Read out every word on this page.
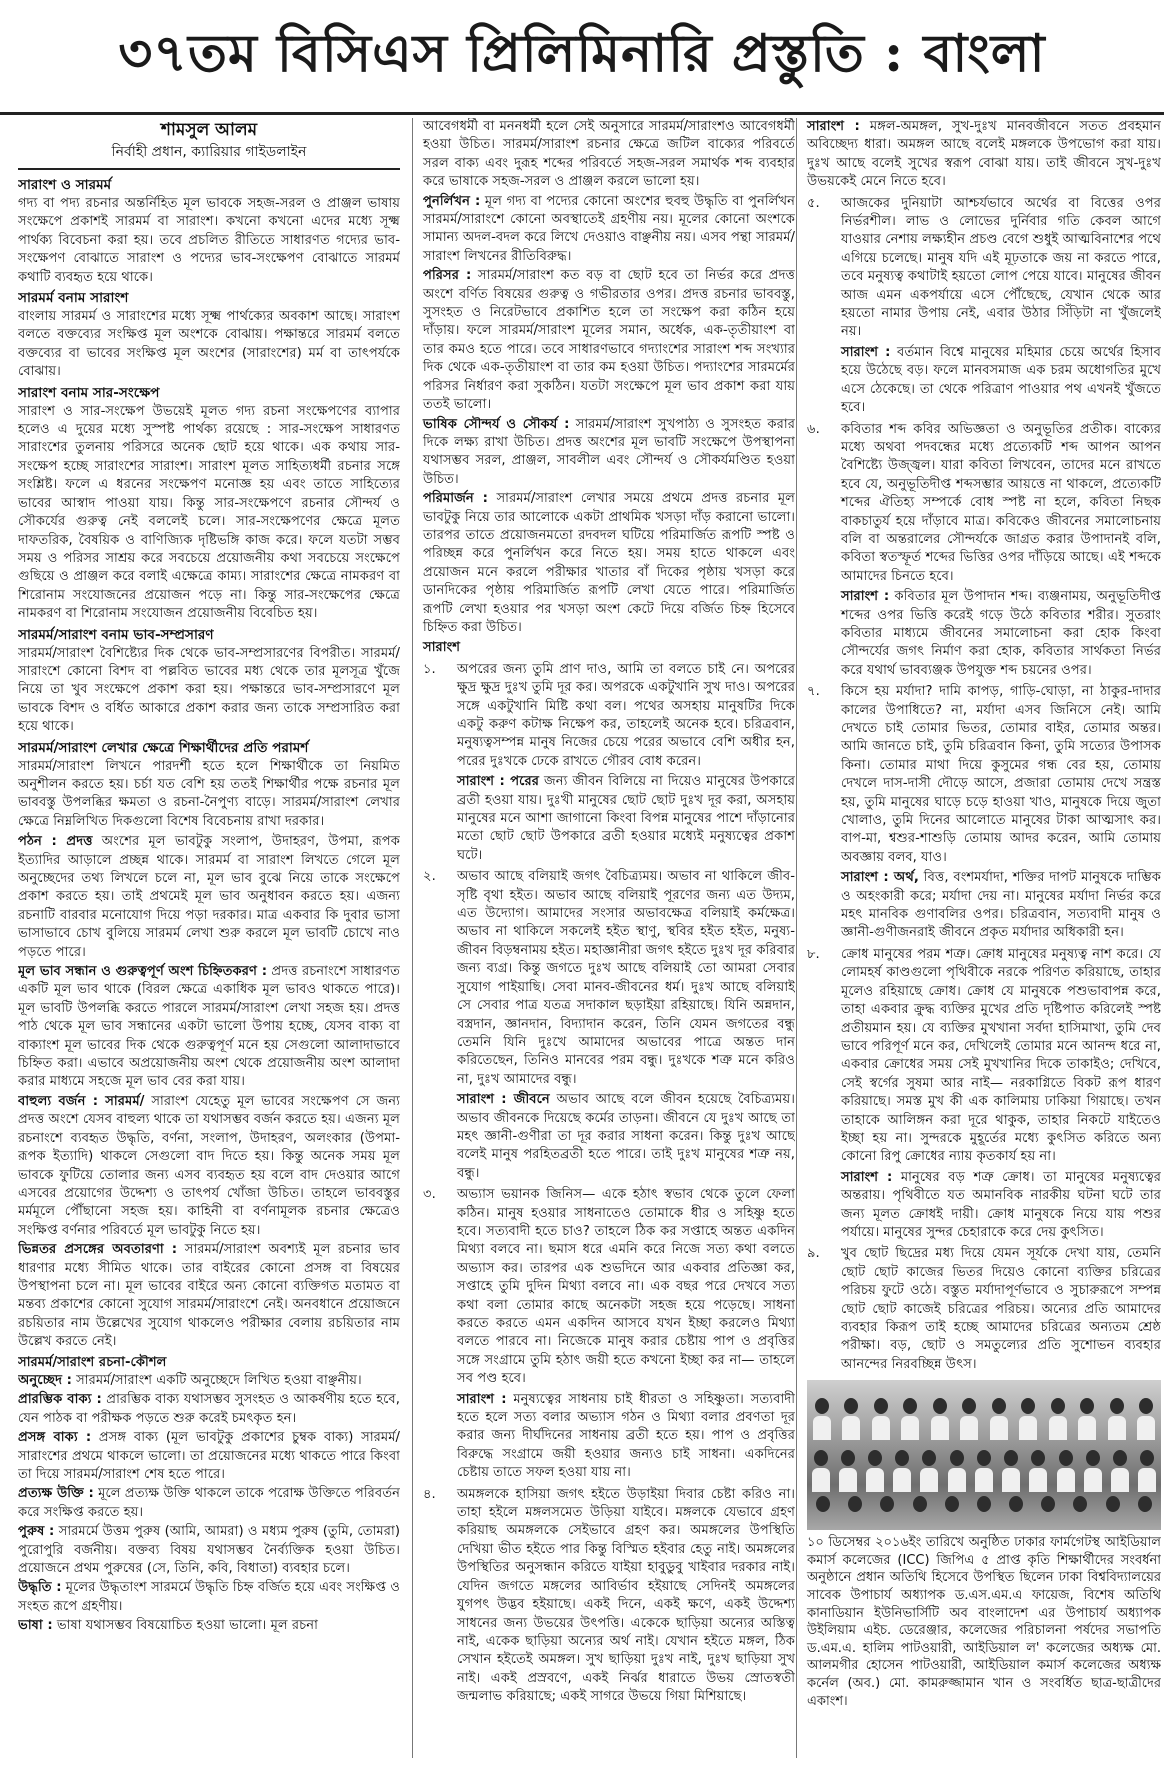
৩৭তম বিসিএস প্রিলিমিনারি প্রস্তুতি : বাংলা
শামসুল আলম
নির্বাহী প্রধান, ক্যারিয়ার গাইডলাইন
সারাংশ ও সারমর্ম

গদ্য বা পদ্য রচনার অন্তর্নিহিত মূল ভাবকে সহজ-সরল ও প্রাঞ্জল ভাষায় সংক্ষেপে প্রকাশই সারমর্ম বা সারাংশ। কখনো কখনো এদের মধ্যে সূক্ষ্ম পার্থক্য বিবেচনা করা হয়। তবে প্রচলিত রীতিতে সাধারণত গদ্যের ভাব-সংক্ষেপণ বোঝাতে সারাংশ ও পদ্যের ভাব-সংক্ষেপণ বোঝাতে সারমর্ম কথাটি ব্যবহৃত হয়ে থাকে।

সারমর্ম বনাম সারাংশ

বাংলায় সারমর্ম ও সারাংশের মধ্যে সূক্ষ্ম পার্থক্যের অবকাশ আছে। সারাংশ বলতে বক্তব্যের সংক্ষিপ্ত মূল অংশকে বোঝায়। পক্ষান্তরে সারমর্ম বলতে বক্তব্যের বা ভাবের সংক্ষিপ্ত মূল অংশের (সারাংশের) মর্ম বা তাৎপর্যকে বোঝায়।

সারাংশ বনাম সার-সংক্ষেপ

সারাংশ ও সার-সংক্ষেপ উভয়েই মূলত গদ্য রচনা সংক্ষেপণের ব্যাপার হলেও এ দুয়ের মধ্যে সুস্পষ্ট পার্থক্য রয়েছে : সার-সংক্ষেপ সাধারণত সারাংশের তুলনায় পরিসরে অনেক ছোট হয়ে থাকে। এক কথায় সার-সংক্ষেপ হচ্ছে সারাংশের সারাংশ। সারাংশ মূলত সাহিত্যধর্মী রচনার সঙ্গে সংশ্লিষ্ট। ফলে এ ধরনের সংক্ষেপণ মনোজ্ঞ হয় এবং তাতে সাহিত্যের ভাবের আস্বাদ পাওয়া যায়। কিন্তু সার-সংক্ষেপণে রচনার সৌন্দর্য ও সৌকর্যের গুরুত্ব নেই বললেই চলে। সার-সংক্ষেপণের ক্ষেত্রে মূলত দাফতরিক, বৈষয়িক ও বাণিজ্যিক দৃষ্টিভঙ্গি কাজ করে। ফলে যতটা সম্ভব সময় ও পরিসর সাশ্রয় করে সবচেয়ে প্রয়োজনীয় কথা সবচেয়ে সংক্ষেপে গুছিয়ে ও প্রাঞ্জল করে বলাই এক্ষেত্রে কাম্য। সারাংশের ক্ষেত্রে নামকরণ বা শিরোনাম সংযোজনের প্রয়োজন পড়ে না। কিন্তু সার-সংক্ষেপের ক্ষেত্রে নামকরণ বা শিরোনাম সংযোজন প্রয়োজনীয় বিবেচিত হয়।

সারমর্ম/সারাংশ বনাম ভাব-সম্প্রসারণ

সারমর্ম/সারাংশ বৈশিষ্ট্যের দিক থেকে ভাব-সম্প্রসারণের বিপরীত। সারমর্ম/সারাংশে কোনো বিশদ বা পল্লবিত ভাবের মধ্য থেকে তার মূলসূত্র খুঁজে নিয়ে তা খুব সংক্ষেপে প্রকাশ করা হয়। পক্ষান্তরে ভাব-সম্প্রসারণে মূল ভাবকে বিশদ ও বর্ধিত আকারে প্রকাশ করার জন্য তাকে সম্প্রসারিত করা হয়ে থাকে।

সারমর্ম/সারাংশ লেখার ক্ষেত্রে শিক্ষার্থীদের প্রতি পরামর্শ

সারমর্ম/সারাংশ লিখনে পারদর্শী হতে হলে শিক্ষার্থীকে তা নিয়মিত অনুশীলন করতে হয়। চর্চা যত বেশি হয় ততই শিক্ষার্থীর পক্ষে রচনার মূল ভাববস্তু উপলব্ধির ক্ষমতা ও রচনা-নৈপুণ্য বাড়ে। সারমর্ম/সারাংশ লেখার ক্ষেত্রে নিম্নলিখিত দিকগুলো বিশেষ বিবেচনায় রাখা দরকার।

পঠন : প্রদত্ত অংশের মূল ভাবটুকু সংলাপ, উদাহরণ, উপমা, রূপক ইত্যাদির আড়ালে প্রচ্ছন্ন থাকে। সারমর্ম বা সারাংশ লিখতে গেলে মূল অনুচ্ছেদের তথ্য লিখলে চলে না, মূল ভাব বুঝে নিয়ে তাকে সংক্ষেপে প্রকাশ করতে হয়। তাই প্রথমেই মূল ভাব অনুধাবন করতে হয়। এজন্য রচনাটি বারবার মনোযোগ দিয়ে পড়া দরকার। মাত্র একবার কি দুবার ভাসা ভাসাভাবে চোখ বুলিয়ে সারমর্ম লেখা শুরু করলে মূল ভাবটি চোখে নাও পড়তে পারে।

মূল ভাব সন্ধান ও গুরুত্বপূর্ণ অংশ চিহ্নিতকরণ : প্রদত্ত রচনাংশে সাধারণত একটি মূল ভাব থাকে (বিরল ক্ষেত্রে একাধিক মূল ভাবও থাকতে পারে)। মূল ভাবটি উপলব্ধি করতে পারলে সারমর্ম/সারাংশ লেখা সহজ হয়। প্রদত্ত পাঠ থেকে মূল ভাব সন্ধানের একটা ভালো উপায় হচ্ছে, যেসব বাক্য বা বাক্যাংশ মূল ভাবের দিক থেকে গুরুত্বপূর্ণ মনে হয় সেগুলো আলাদাভাবে চিহ্নিত করা। এভাবে অপ্রয়োজনীয় অংশ থেকে প্রয়োজনীয় অংশ আলাদা করার মাধ্যমে সহজে মূল ভাব বের করা যায়।

বাহুল্য বর্জন : সারমর্ম/ সারাংশ যেহেতু মূল ভাবের সংক্ষেপণ সে জন্য প্রদত্ত অংশে যেসব বাহুল্য থাকে তা যথাসম্ভব বর্জন করতে হয়। এজন্য মূল রচনাংশে ব্যবহৃত উদ্ধৃতি, বর্ণনা, সংলাপ, উদাহরণ, অলংকার (উপমা-রূপক ইত্যাদি) থাকলে সেগুলো বাদ দিতে হয়। কিন্তু অনেক সময় মূল ভাবকে ফুটিয়ে তোলার জন্য এসব ব্যবহৃত হয় বলে বাদ দেওয়ার আগে এসবের প্রয়োগের উদ্দেশ্য ও তাৎপর্য খোঁজা উচিত। তাহলে ভাববস্তুর মর্মমূলে পৌঁছানো সহজ হয়। কাহিনী বা বর্ণনামূলক রচনার ক্ষেত্রেও সংক্ষিপ্ত বর্ণনার পরিবর্তে মূল ভাবটুকু নিতে হয়।

ভিন্নতর প্রসঙ্গের অবতারণা : সারমর্ম/সারাংশ অবশ্যই মূল রচনার ভাব ধারণার মধ্যে সীমিত থাকে। তার বাইরের কোনো প্রসঙ্গ বা বিষয়ের উপস্থাপনা চলে না। মূল ভাবের বাইরে অন্য কোনো ব্যক্তিগত মতামত বা মন্তব্য প্রকাশের কোনো সুযোগ সারমর্ম/সারাংশে নেই। অনবধানে প্রয়োজনে রচয়িতার নাম উল্লেখের সুযোগ থাকলেও পরীক্ষার বেলায় রচয়িতার নাম উল্লেখ করতে নেই।

সারমর্ম/সারাংশ রচনা-কৌশল

অনুচ্ছেদ : সারমর্ম/সারাংশ একটি অনুচ্ছেদে লিখিত হওয়া বাঞ্ছনীয়।

প্রারম্ভিক বাক্য : প্রারম্ভিক বাক্য যথাসম্ভব সুসংহত ও আকর্ষণীয় হতে হবে, যেন পাঠক বা পরীক্ষক পড়তে শুরু করেই চমৎকৃত হন।

প্রসঙ্গ বাক্য : প্রসঙ্গ বাক্য (মূল ভাবটুকু প্রকাশের চুম্বক বাক্য) সারমর্ম/সারাংশের প্রথমে থাকলে ভালো। তা প্রয়োজনের মধ্যে থাকতে পারে কিংবা তা দিয়ে সারমর্ম/সারাংশ শেষ হতে পারে।

প্রত্যক্ষ উক্তি : মূলে প্রত্যক্ষ উক্তি থাকলে তাকে পরোক্ষ উক্তিতে পরিবর্তন করে সংক্ষিপ্ত করতে হয়।

পুরুষ : সারমর্মে উত্তম পুরুষ (আমি, আমরা) ও মধ্যম পুরুষ (তুমি, তোমরা) পুরোপুরি বর্জনীয়। বক্তব্য বিষয় যথাসম্ভব নৈর্ব্যক্তিক হওয়া উচিত। প্রয়োজনে প্রথম পুরুষের (সে, তিনি, কবি, বিধাতা) ব্যবহার চলে।

উদ্ধৃতি : মূলের উদ্ধৃতাংশ সারমর্মে উদ্ধৃতি চিহ্ন বর্জিত হয়ে এবং সংক্ষিপ্ত ও সংহত রূপে গ্রহণীয়।

ভাষা : ভাষা যথাসম্ভব বিষয়োচিত হওয়া ভালো। মূল রচনা

আবেগধর্মী বা মননধর্মী হলে সেই অনুসারে সারমর্ম/সারাংশও আবেগধর্মী হওয়া উচিত। সারমর্ম/সারাংশ রচনার ক্ষেত্রে জটিল বাক্যের পরিবর্তে সরল বাক্য এবং দুরূহ শব্দের পরিবর্তে সহজ-সরল সমার্থক শব্দ ব্যবহার করে ভাষাকে সহজ-সরল ও প্রাঞ্জল করলে ভালো হয়।

পুনর্লিখন : মূল গদ্য বা পদ্যের কোনো অংশের হুবহু উদ্ধৃতি বা পুনর্লিখন সারমর্ম/সারাংশে কোনো অবস্থাতেই গ্রহণীয় নয়। মূলের কোনো অংশকে সামান্য অদল-বদল করে লিখে দেওয়াও বাঞ্ছনীয় নয়। এসব পন্থা সারমর্ম/সারাংশ লিখনের রীতিবিরুদ্ধ।

পরিসর : সারমর্ম/সারাংশ কত বড় বা ছোট হবে তা নির্ভর করে প্রদত্ত অংশে বর্ণিত বিষয়ের গুরুত্ব ও গভীরতার ওপর। প্রদত্ত রচনার ভাববস্তু, সুসংহত ও নিরেটভাবে প্রকাশিত হলে তা সংক্ষেপ করা কঠিন হয়ে দাঁড়ায়। ফলে সারমর্ম/সারাংশ মূলের সমান, অর্ধেক, এক-তৃতীয়াংশ বা তার কমও হতে পারে। তবে সাধারণভাবে গদ্যাংশের সারাংশ শব্দ সংখ্যার দিক থেকে এক-তৃতীয়াংশ বা তার কম হওয়া উচিত। পদ্যাংশের সারমর্মের পরিসর নির্ধারণ করা সুকঠিন। যতটা সংক্ষেপে মূল ভাব প্রকাশ করা যায় ততই ভালো।

ভাষিক সৌন্দর্য ও সৌকর্য : সারমর্ম/সারাংশ সুখপাঠ্য ও সুসংহত করার দিকে লক্ষ্য রাখা উচিত। প্রদত্ত অংশের মূল ভাবটি সংক্ষেপে উপস্থাপনা যথাসম্ভব সরল, প্রাঞ্জল, সাবলীল এবং সৌন্দর্য ও সৌকর্যমণ্ডিত হওয়া উচিত।

পরিমার্জন : সারমর্ম/সারাংশ লেখার সময়ে প্রথমে প্রদত্ত রচনার মূল ভাবটুকু নিয়ে তার আলোকে একটা প্রাথমিক খসড়া দাঁড় করানো ভালো। তারপর তাতে প্রয়োজনমতো রদবদল ঘটিয়ে পরিমার্জিত রূপটি স্পষ্ট ও পরিচ্ছন্ন করে পুনর্লিখন করে নিতে হয়। সময় হাতে থাকলে এবং প্রয়োজন মনে করলে পরীক্ষার খাতার বাঁ দিকের পৃষ্ঠায় খসড়া করে ডানদিকের পৃষ্ঠায় পরিমার্জিত রূপটি লেখা যেতে পারে। পরিমার্জিত রূপটি লেখা হওয়ার পর খসড়া অংশ কেটে দিয়ে বর্জিত চিহ্ন হিসেবে চিহ্নিত করা উচিত।

সারাংশ
১.	অপরের জন্য তুমি প্রাণ দাও, আমি তা বলতে চাই নে। অপরের ক্ষুদ্র ক্ষুদ্র দুঃখ তুমি দূর কর। অপরকে একটুখানি সুখ দাও। অপরের সঙ্গে একটুখানি মিষ্টি কথা বল। পথের অসহায় মানুষটির দিকে একটু করুণ কটাক্ষ নিক্ষেপ কর, তাহলেই অনেক হবে। চরিত্রবান, মনুষ্যত্বসম্পন্ন মানুষ নিজের চেয়ে পরের অভাবে বেশি অধীর হন, পরের দুঃখকে ঢেকে রাখতে গৌরব বোধ করেন।

সারাংশ : পরের জন্য জীবন বিলিয়ে না দিয়েও মানুষের উপকারে ব্রতী হওয়া যায়। দুঃখী মানুষের ছোট ছোট দুঃখ দূর করা, অসহায় মানুষের মনে আশা জাগানো কিংবা বিপন্ন মানুষের পাশে দাঁড়ানোর মতো ছোট ছোট উপকারে ব্রতী হওয়ার মধ্যেই মনুষ্যত্বের প্রকাশ ঘটে।

২.	অভাব আছে বলিয়াই জগৎ বৈচিত্র্যময়। অভাব না থাকিলে জীব-সৃষ্টি বৃথা হইত। অভাব আছে বলিয়াই পূরণের জন্য এত উদ্যম, এত উদ্যোগ। আমাদের সংসার অভাবক্ষেত্র বলিয়াই কর্মক্ষেত্র। অভাব না থাকিলে সকলেই হইত স্থাণু, স্থবির হইত হইত, মনুষ্য-জীবন বিড়ম্বনাময় হইত। মহাজ্ঞানীরা জগৎ হইতে দুঃখ দূর করিবার জন্য ব্যগ্র। কিন্তু জগতে দুঃখ আছে বলিয়াই তো আমরা সেবার সুযোগ পাইয়াছি। সেবা মানব-জীবনের ধর্ম। দুঃখ আছে বলিয়াই সে সেবার পাত্র যতত্র সদাকাল ছড়াইয়া রহিয়াছে। যিনি অন্নদান, বস্ত্রদান, জ্ঞানদান, বিদ্যাদান করেন, তিনি যেমন জগতের বন্ধু তেমনি যিনি দুঃখে আমাদের অভাবের পাত্রে অন্তত দান করিতেছেন, তিনিও মানবের পরম বন্ধু। দুঃখকে শত্রু মনে করিও না, দুঃখ আমাদের বন্ধু।

সারাংশ : জীবনে অভাব আছে বলে জীবন হয়েছে বৈচিত্র্যময়। অভাব জীবনকে দিয়েছে কর্মের তাড়না। জীবনে যে দুঃখ আছে তা মহৎ জ্ঞানী-গুণীরা তা দূর করার সাধনা করেন। কিন্তু দুঃখ আছে বলেই মানুষ পরহিতব্রতী হতে পারে। তাই দুঃখ মানুষের শত্রু নয়, বন্ধু।

৩.	অভ্যাস ভয়ানক জিনিস— একে হঠাৎ স্বভাব থেকে তুলে ফেলা কঠিন। মানুষ হওয়ার সাধনাতেও তোমাকে ধীর ও সহিষ্ণু হতে হবে। সত্যবাদী হতে চাও? তাহলে ঠিক কর সপ্তাহে অন্তত একদিন মিথ্যা বলবে না। ছমাস ধরে এমনি করে নিজে সত্য কথা বলতে অভ্যাস কর। তারপর এক শুভদিনে আর একবার প্রতিজ্ঞা কর, সপ্তাহে তুমি দুদিন মিথ্যা বলবে না। এক বছর পরে দেখবে সত্য কথা বলা তোমার কাছে অনেকটা সহজ হয়ে পড়েছে। সাধনা করতে করতে এমন একদিন আসবে যখন ইচ্ছা করলেও মিথ্যা বলতে পারবে না। নিজেকে মানুষ করার চেষ্টায় পাপ ও প্রবৃত্তির সঙ্গে সংগ্রামে তুমি হঠাৎ জয়ী হতে কখনো ইচ্ছা কর না— তাহলে সব পণ্ড হবে।

সারাংশ : মনুষ্যত্বের সাধনায় চাই ধীরতা ও সহিষ্ণুতা। সত্যবাদী হতে হলে সত্য বলার অভ্যাস গঠন ও মিথ্যা বলার প্রবণতা দূর করার জন্য দীর্ঘদিনের সাধনায় ব্রতী হতে হয়। পাপ ও প্রবৃত্তির বিরুদ্ধে সংগ্রামে জয়ী হওয়ার জন্যও চাই সাধনা। একদিনের চেষ্টায় তাতে সফল হওয়া যায় না।

৪.	অমঙ্গলকে হাসিয়া জগৎ হইতে উড়াইয়া দিবার চেষ্টা করিও না। তাহা হইলে মঙ্গলসমেত উড়িয়া যাইবে। মঙ্গলকে যেভাবে গ্রহণ করিয়াছ অমঙ্গলকে সেইভাবে গ্রহণ কর। অমঙ্গলের উপস্থিতি দেখিয়া ভীত হইতে পার কিন্তু বিস্মিত হইবার হেতু নাই। অমঙ্গলের উপস্থিতির অনুসন্ধান করিতে যাইয়া হাবুডুবু খাইবার দরকার নাই। যেদিন জগতে মঙ্গলের আবির্ভাব হইয়াছে সেদিনই অমঙ্গলের যুগপৎ উদ্ভব হইয়াছে। একই দিনে, একই ক্ষণে, একই উদ্দেশ্য সাধনের জন্য উভয়ের উৎপত্তি। একেকে ছাড়িয়া অন্যের অস্তিত্ব নাই, একেক ছাড়িয়া অন্যের অর্থ নাই। যেখান হইতে মঙ্গল, ঠিক সেখান হইতেই অমঙ্গল। সুখ ছাড়িয়া দুঃখ নাই, দুঃখ ছাড়িয়া সুখ নাই। একই প্রস্রবণে, একই নির্ঝর ধারাতে উভয় স্রোতস্বতী জন্মলাভ করিয়াছে; একই সাগরে উভয়ে গিয়া মিশিয়াছে।

সারাংশ : মঙ্গল-অমঙ্গল, সুখ-দুঃখ মানবজীবনে সতত প্রবহমান অবিচ্ছেদ্য ধারা। অমঙ্গল আছে বলেই মঙ্গলকে উপভোগ করা যায়। দুঃখ আছে বলেই সুখের স্বরূপ বোঝা যায়। তাই জীবনে সুখ-দুঃখ উভয়কেই মেনে নিতে হবে।

৫.	আজকের দুনিয়াটা আশ্চর্যভাবে অর্থের বা বিত্তের ওপর নির্ভরশীল। লাভ ও লোভের দুর্নিবার গতি কেবল আগে যাওয়ার নেশায় লক্ষ্যহীন প্রচণ্ড বেগে শুধুই আত্মবিনাশের পথে এগিয়ে চলেছে। মানুষ যদি এই মূঢ়তাকে জয় না করতে পারে, তবে মনুষ্যত্ব কথাটাই হয়তো লোপ পেয়ে যাবে। মানুষের জীবন আজ এমন একপর্যায়ে এসে পৌঁছেছে, যেখান থেকে আর হয়তো নামার উপায় নেই, এবার উঠার সিঁড়িটা না খুঁজলেই নয়।

সারাংশ : বর্তমান বিশ্বে মানুষের মহিমার চেয়ে অর্থের হিসাব হয়ে উঠেছে বড়। ফলে মানবসমাজ এক চরম অধোগতির মুখে এসে ঠেকেছে। তা থেকে পরিত্রাণ পাওয়ার পথ এখনই খুঁজতে হবে।

৬.	কবিতার শব্দ কবির অভিজ্ঞতা ও অনুভূতির প্রতীক। বাক্যের মধ্যে অথবা পদবন্ধের মধ্যে প্রত্যেকটি শব্দ আপন আপন বৈশিষ্ট্যে উজ্জ্বল। যারা কবিতা লিখবেন, তাদের মনে রাখতে হবে যে, অনুভূতিদীপ্ত শব্দসম্ভার আয়ত্তে না থাকলে, প্রত্যেকটি শব্দের ঐতিহ্য সম্পর্কে বোধ স্পষ্ট না হলে, কবিতা নিছক বাকচাতুর্য হয়ে দাঁড়াবে মাত্র। কবিকেও জীবনের সমালোচনায় বলি বা অন্তরালের সৌন্দর্যকে জাগ্রত করার উপাদানই বলি, কবিতা স্বতস্ফূর্ত শব্দের ভিত্তির ওপর দাঁড়িয়ে আছে। এই শব্দকে আমাদের চিনতে হবে।

সারাংশ : কবিতার মূল উপাদান শব্দ। ব্যঞ্জনাময়, অনুভূতিদীপ্ত শব্দের ওপর ভিত্তি করেই গড়ে উঠে কবিতার শরীর। সুতরাং কবিতার মাধ্যমে জীবনের সমালোচনা করা হোক কিংবা সৌন্দর্যের জগৎ নির্মাণ করা হোক, কবিতার সার্থকতা নির্ভর করে যথার্থ ভাবব্যঞ্জক উপযুক্ত শব্দ চয়নের ওপর।

৭.	কিসে হয় মর্যাদা? দামি কাপড়, গাড়ি-ঘোড়া, না ঠাকুর-দাদার কালের উপাধিতে? না, মর্যাদা এসব জিনিসে নেই। আমি দেখতে চাই তোমার ভিতর, তোমার বাইর, তোমার অন্তর। আমি জানতে চাই, তুমি চরিত্রবান কিনা, তুমি সত্যের উপাসক কিনা। তোমার মাথা দিয়ে কুসুমের গন্ধ বের হয়, তোমায় দেখলে দাস-দাসী দৌড়ে আসে, প্রজারা তোমায় দেখে সন্ত্রস্ত হয়, তুমি মানুষের ঘাড়ে চড়ে হাওয়া খাও, মানুষকে দিয়ে জুতা খোলাও, তুমি দিনের আলোতে মানুষের টাকা আত্মসাৎ কর। বাপ-মা, শ্বশুর-শাশুড়ি তোমায় আদর করেন, আমি তোমায় অবজ্ঞায় বলব, যাও।

সারাংশ : অর্থ, বিত্ত, বংশমর্যাদা, শক্তির দাপট মানুষকে দাম্ভিক ও অহংকারী করে; মর্যাদা দেয় না। মানুষের মর্যাদা নির্ভর করে মহৎ মানবিক গুণাবলির ওপর। চরিত্রবান, সত্যবাদী মানুষ ও জ্ঞানী-গুণীজনরাই জীবনে প্রকৃত মর্যাদার অধিকারী হন।

৮.	ক্রোধ মানুষের পরম শত্রু। ক্রোধ মানুষের মনুষ্যত্ব নাশ করে। যে লোমহর্ষ কাণ্ডগুলো পৃথিবীকে নরকে পরিণত করিয়াছে, তাহার মূলেও রহিয়াছে ক্রোধ। ক্রোধ যে মানুষকে পশুভাবাপন্ন করে, তাহা একবার ক্রুদ্ধ ব্যক্তির মুখের প্রতি দৃষ্টিপাত করিলেই স্পষ্ট প্রতীয়মান হয়। যে ব্যক্তির মুখখানা সর্বদা হাসিমাখা, তুমি দেব ভাবে পরিপূর্ণ মনে কর, দেখিলেই তোমার মনে আনন্দ ধরে না, একবার ক্রোধের সময় সেই মুখখানির দিকে তাকাইও; দেখিবে, সেই স্বর্গের সুষমা আর নাই— নরকাগ্নিতে বিকট রূপ ধারণ করিয়াছে। সমস্ত মুখ কী এক কালিমায় ঢাকিয়া গিয়াছে। তখন তাহাকে আলিঙ্গন করা দূরে থাকুক, তাহার নিকটে যাইতেও ইচ্ছা হয় না। সুন্দরকে মুহূর্তের মধ্যে কুৎসিত করিতে অন্য কোনো রিপু ক্রোধের ন্যায় কৃতকার্য হয় না।

সারাংশ : মানুষের বড় শত্রু ক্রোধ। তা মানুষের মনুষ্যত্বের অন্তরায়। পৃথিবীতে যত অমানবিক নারকীয় ঘটনা ঘটে তার জন্য মূলত ক্রোধই দায়ী। ক্রোধ মানুষকে নিয়ে যায় পশুর পর্যায়ে। মানুষের সুন্দর চেহারাকে করে দেয় কুৎসিত।

৯.	খুব ছোট ছিদ্রের মধ্য দিয়ে যেমন সূর্যকে দেখা যায়, তেমনি ছোট ছোট কাজের ভিতর দিয়েও কোনো ব্যক্তির চরিত্রের পরিচয় ফুটে ওঠে। বস্তুত মর্যাদাপূর্ণভাবে ও সুচারুরূপে সম্পন্ন ছোট ছোট কাজেই চরিত্রের পরিচয়। অন্যের প্রতি আমাদের ব্যবহার কিরূপ তাই হচ্ছে আমাদের চরিত্রের অন্যতম শ্রেষ্ঠ পরীক্ষা। বড়, ছোট ও সমতুল্যের প্রতি সুশোভন ব্যবহার আনন্দের নিরবচ্ছিন্ন উৎস।

১০ ডিসেম্বর ২০১৬ইং তারিখে অনুষ্ঠিত ঢাকার ফার্মগেটস্থ আইডিয়াল কমার্স কলেজের (ICC) জিপিএ ৫ প্রাপ্ত কৃতি শিক্ষার্থীদের সংবর্ধনা অনুষ্ঠানে প্রধান অতিথি হিসেবে উপস্থিত ছিলেন ঢাকা বিশ্ববিদ্যালয়ের সাবেক উপাচার্য অধ্যাপক ড.এস.এম.এ ফায়েজ, বিশেষ অতিথি কানাডিয়ান ইউনিভার্সিটি অব বাংলাদেশ এর উপাচার্য অধ্যাপক উইলিয়াম এইচ. ডেরেঞ্জার, কলেজের পরিচালনা পর্ষদের সভাপতি ড.এম.এ. হালিম পাটওয়ারী, আইডিয়াল ল' কলেজের অধ্যক্ষ মো. আলমগীর হোসেন পাটওয়ারী, আইডিয়াল কমার্স কলেজের অধ্যক্ষ কর্নেল (অব.) মো. কামরুজ্জামান খান ও সংবর্ধিত ছাত্র-ছাত্রীদের একাংশ।
